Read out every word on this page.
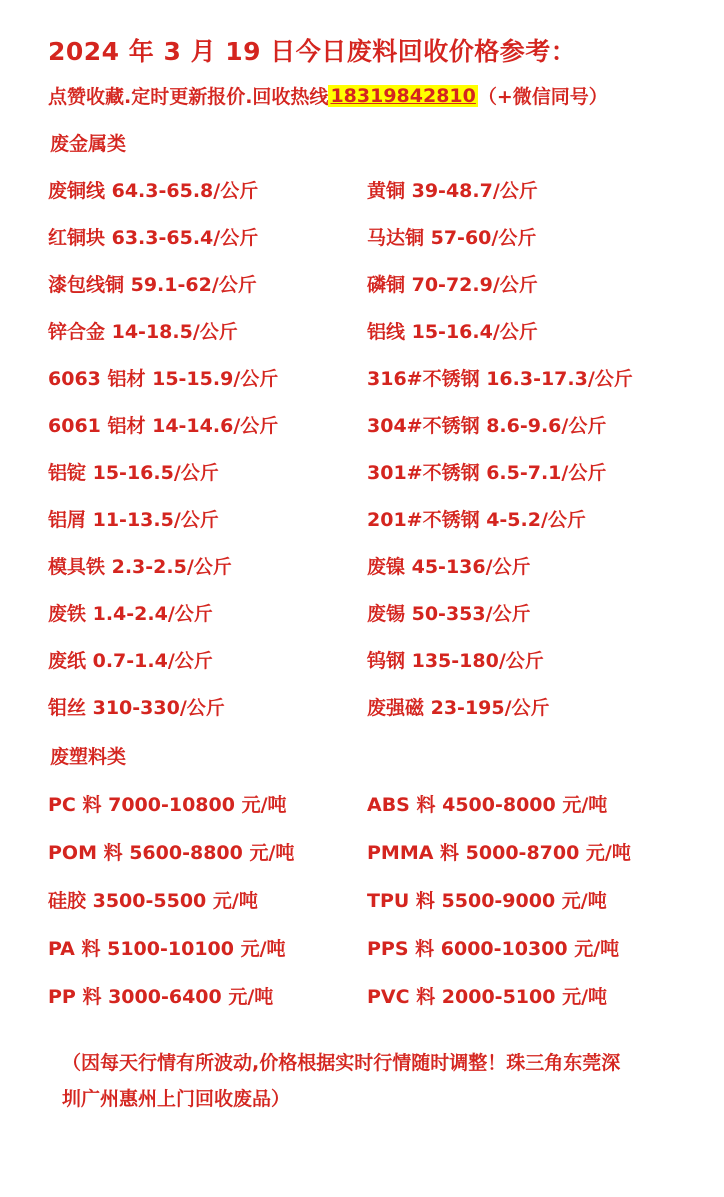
2024 年 3 月 19 日今日废料回收价格参考：
点赞收藏.定时更新报价.回收热线 18319842810 （+微信同号）
废金属类
废铜线 64.3-65.8/公斤	黄铜 39-48.7/公斤
红铜块 63.3-65.4/公斤	马达铜 57-60/公斤
漆包线铜 59.1-62/公斤	磷铜 70-72.9/公斤
锌合金 14-18.5/公斤	铝线 15-16.4/公斤
6063 铝材 15-15.9/公斤	316#不锈钢 16.3-17.3/公斤
6061 铝材 14-14.6/公斤	304#不锈钢 8.6-9.6/公斤
铝锭 15-16.5/公斤	301#不锈钢 6.5-7.1/公斤
铝屑 11-13.5/公斤	201#不锈钢 4-5.2/公斤
模具铁 2.3-2.5/公斤	废镍 45-136/公斤
废铁 1.4-2.4/公斤	废锡 50-353/公斤
废纸 0.7-1.4/公斤	钨钢 135-180/公斤
钼丝 310-330/公斤	废强磁 23-195/公斤
废塑料类
PC 料 7000-10800 元/吨	ABS 料 4500-8000 元/吨
POM 料 5600-8800 元/吨	PMMA 料 5000-8700 元/吨
硅胶 3500-5500 元/吨	TPU 料 5500-9000 元/吨
PA 料 5100-10100 元/吨	PPS 料 6000-10300 元/吨
PP 料 3000-6400 元/吨	PVC 料 2000-5100 元/吨
（因每天行情有所波动,价格根据实时行情随时调整！珠三角东莞深
圳广州惠州上门回收废品）
